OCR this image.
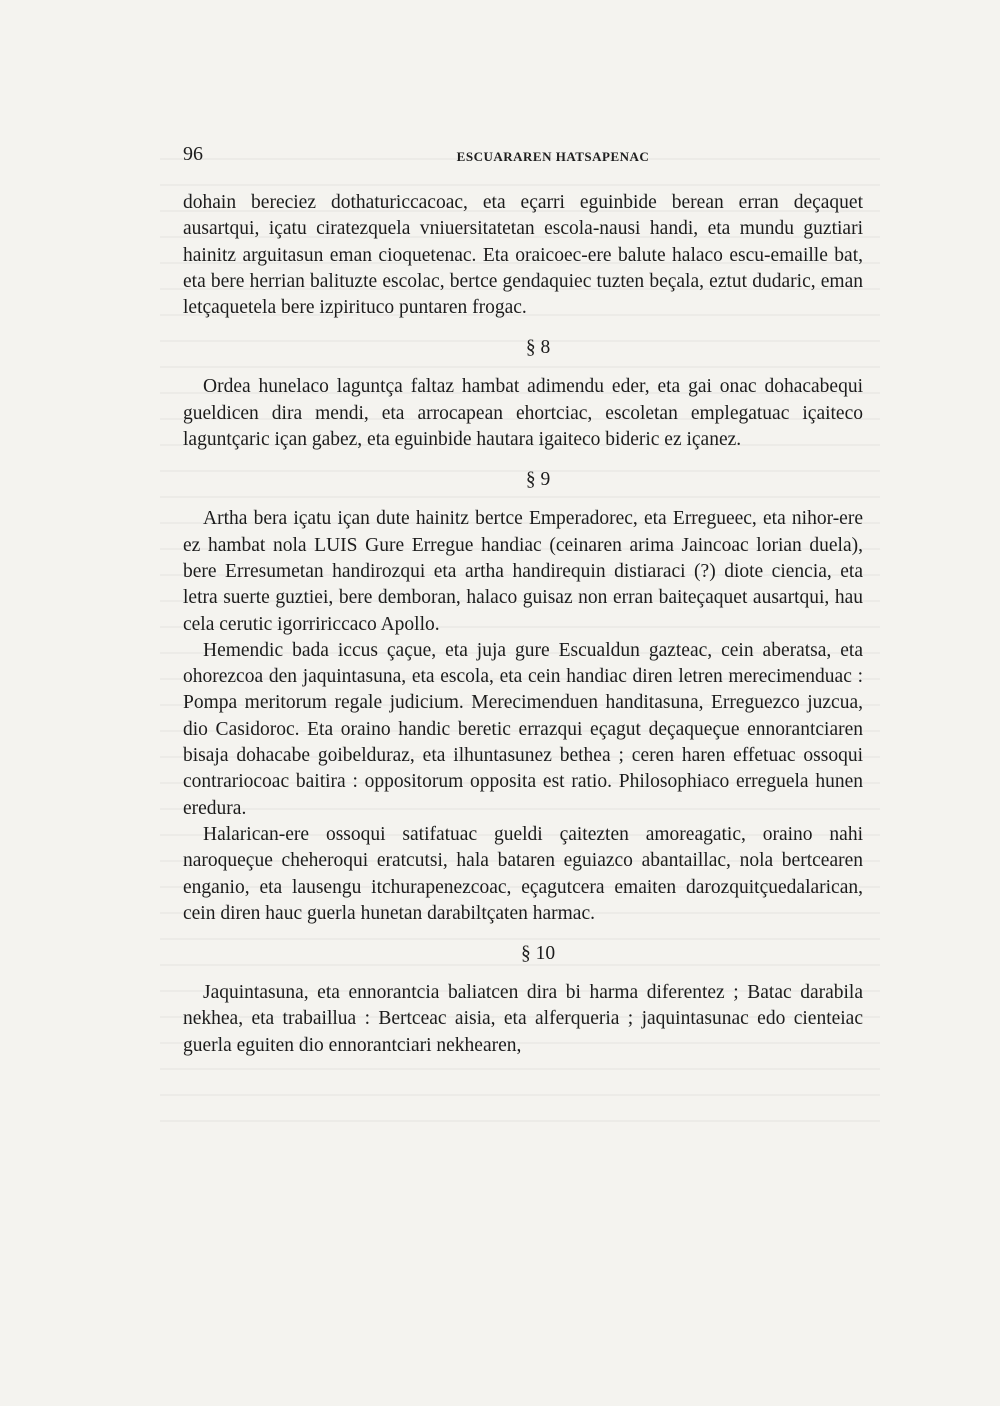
96	ESCUARAREN HATSAPENAC

dohain bereciez dothaturiccacoac, eta eçarri eguinbide berean erran deçaquet ausartqui, içatu ciratezquela vniuersitatetan escola-nausi handi, eta mundu guztiari hainitz arguitasun eman cioquetenac. Eta oraicoec-ere balute halaco escu-emaille bat, eta bere herrian balituzte escolac, bertce gendaquiec tuzten beçala, eztut dudaric, eman letçaquetela bere izpirituco puntaren frogac.

§ 8

Ordea hunelaco laguntça faltaz hambat adimendu eder, eta gai onac dohacabequi gueldicen dira mendi, eta arrocapean ehortciac, escoletan emplegatuac içaiteco laguntçaric içan gabez, eta eguinbide hautara igaiteco bideric ez içanez.

§ 9

Artha bera içatu içan dute hainitz bertce Emperadorec, eta Erregueec, eta nihor-ere ez hambat nola LUIS Gure Erregue handiac (ceinaren arima Jaincoac lorian duela), bere Erresumetan handirozqui eta artha handirequin distiaraci (?) diote ciencia, eta letra suerte guztiei, bere demboran, halaco guisaz non erran baiteçaquet ausartqui, hau cela cerutic igorririccaco Apollo.

Hemendic bada iccus çaçue, eta juja gure Escualdun gazteac, cein aberatsa, eta ohorezcoa den jaquintasuna, eta escola, eta cein handiac diren letren merecimenduac : Pompa meritorum regale judicium. Merecimenduen handitasuna, Erreguezco juzcua, dio Casidoroc. Eta oraino handic beretic errazqui eçagut deçaqueçue ennorantciaren bisaja dohacabe goibelduraz, eta ilhuntasunez bethea ; ceren haren effetuac ossoqui contrariocoac baitira : oppositorum opposita est ratio. Philosophiaco erreguela hunen eredura.

Halarican-ere ossoqui satifatuac gueldi çaitezten amoreagatic, oraino nahi naroqueçue cheheroqui eratcutsi, hala bataren eguiazco abantaillac, nola bertcearen enganio, eta lausengu itchurapenezcoac, eçagutcera emaiten darozquitçuedalarican, cein diren hauc guerla hunetan darabiltçaten harmac.

§ 10

Jaquintasuna, eta ennorantcia baliatcen dira bi harma diferentez ; Batac darabila nekhea, eta trabaillua : Bertceac aisia, eta alferqueria ; jaquintasunac edo cienteiac guerla eguiten dio ennorantciari nekhearen,
